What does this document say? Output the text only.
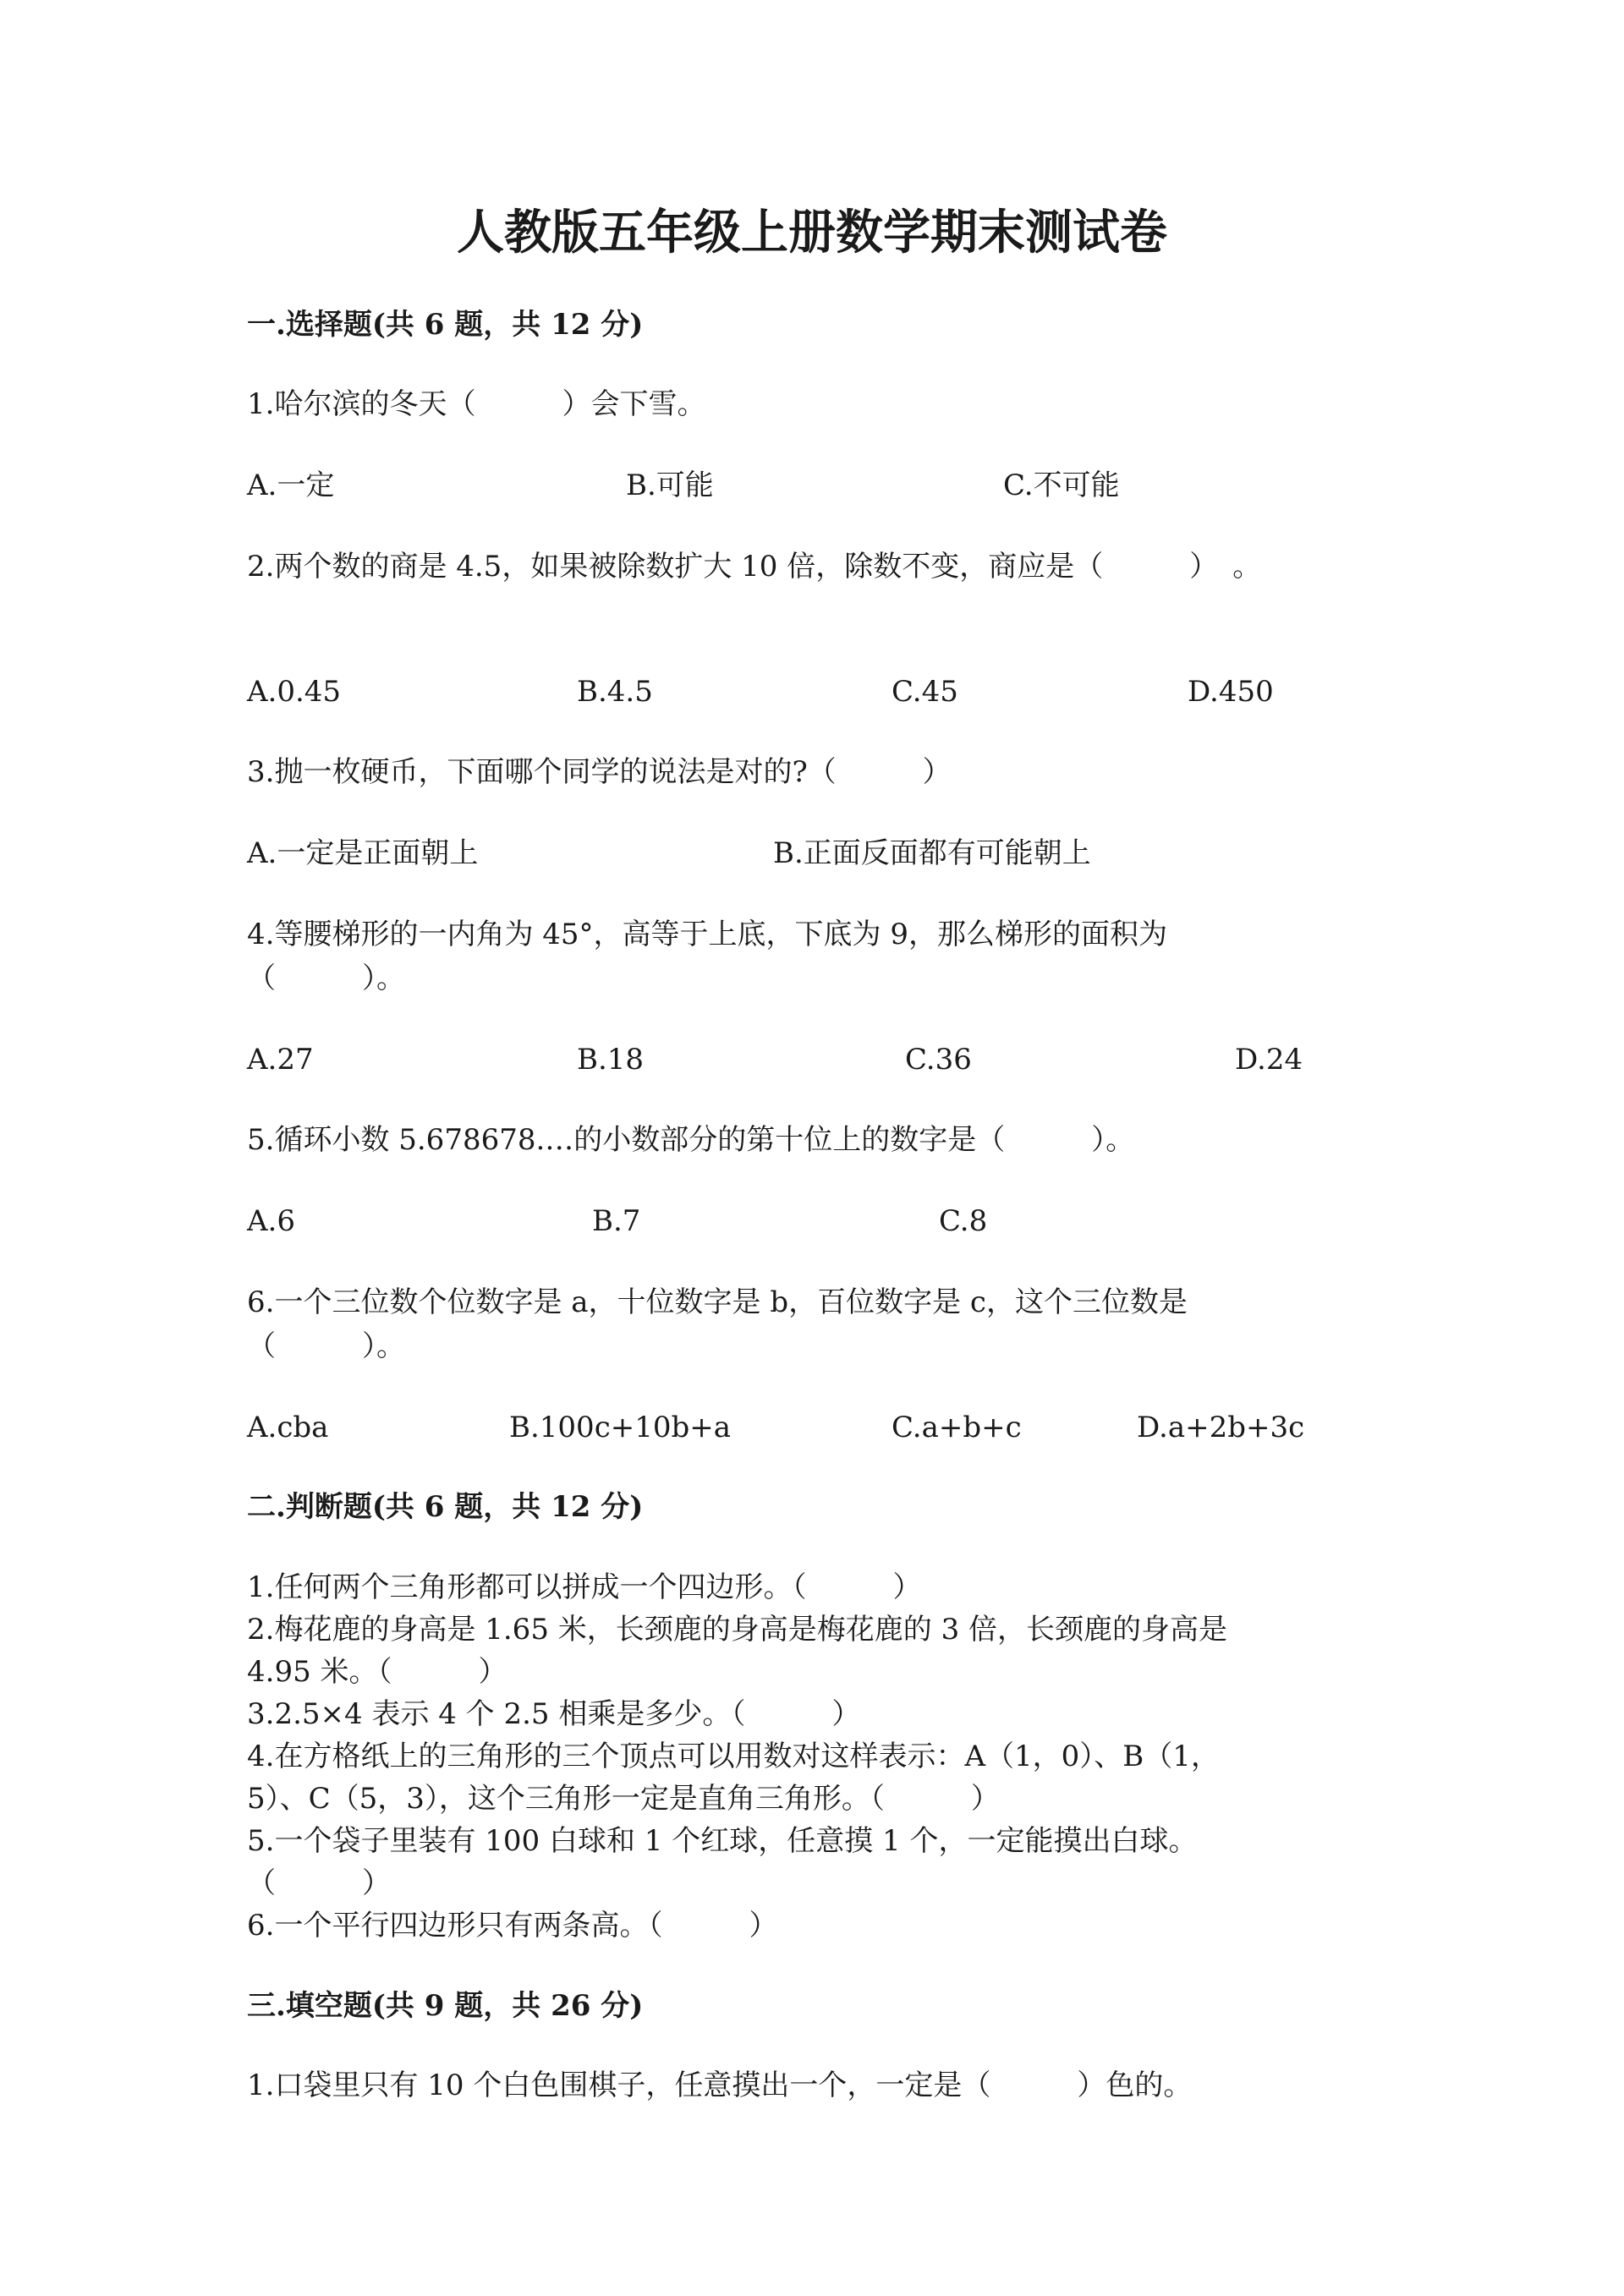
人教版五年级上册数学期末测试卷
一.选择题(共 6 题，共 12 分)
1.哈尔滨的冬天（　　　）会下雪。
A.一定	B.可能	C.不可能
2.两个数的商是 4.5，如果被除数扩大 10 倍，除数不变，商应是（　　　）　。
A.0.45	B.4.5	C.45	D.450
3.抛一枚硬币，下面哪个同学的说法是对的?（　　　）
A.一定是正面朝上	B.正面反面都有可能朝上
4.等腰梯形的一内角为 45°，高等于上底，下底为 9，那么梯形的面积为
（　　　）。
A.27	B.18	C.36	D.24
5.循环小数 5.678678.…的小数部分的第十位上的数字是（　　　）。
A.6	B.7	C.8
6.一个三位数个位数字是 a，十位数字是 b，百位数字是 c，这个三位数是
（　　　）。
A.cba	B.100c+10b+a	C.a+b+c	D.a+2b+3c
二.判断题(共 6 题，共 12 分)
1.任何两个三角形都可以拼成一个四边形。（　　　）
2.梅花鹿的身高是 1.65 米，长颈鹿的身高是梅花鹿的 3 倍，长颈鹿的身高是
4.95 米。（　　　）
3.2.5×4 表示 4 个 2.5 相乘是多少。（　　　）
4.在方格纸上的三角形的三个顶点可以用数对这样表示：A（1，0）、B（1，
5）、C（5，3），这个三角形一定是直角三角形。（　　　）
5.一个袋子里装有 100 白球和 1 个红球，任意摸 1 个，一定能摸出白球。
（　　　）
6.一个平行四边形只有两条高。（　　　）
三.填空题(共 9 题，共 26 分)
1.口袋里只有 10 个白色围棋子，任意摸出一个，一定是（　　　）色的。
